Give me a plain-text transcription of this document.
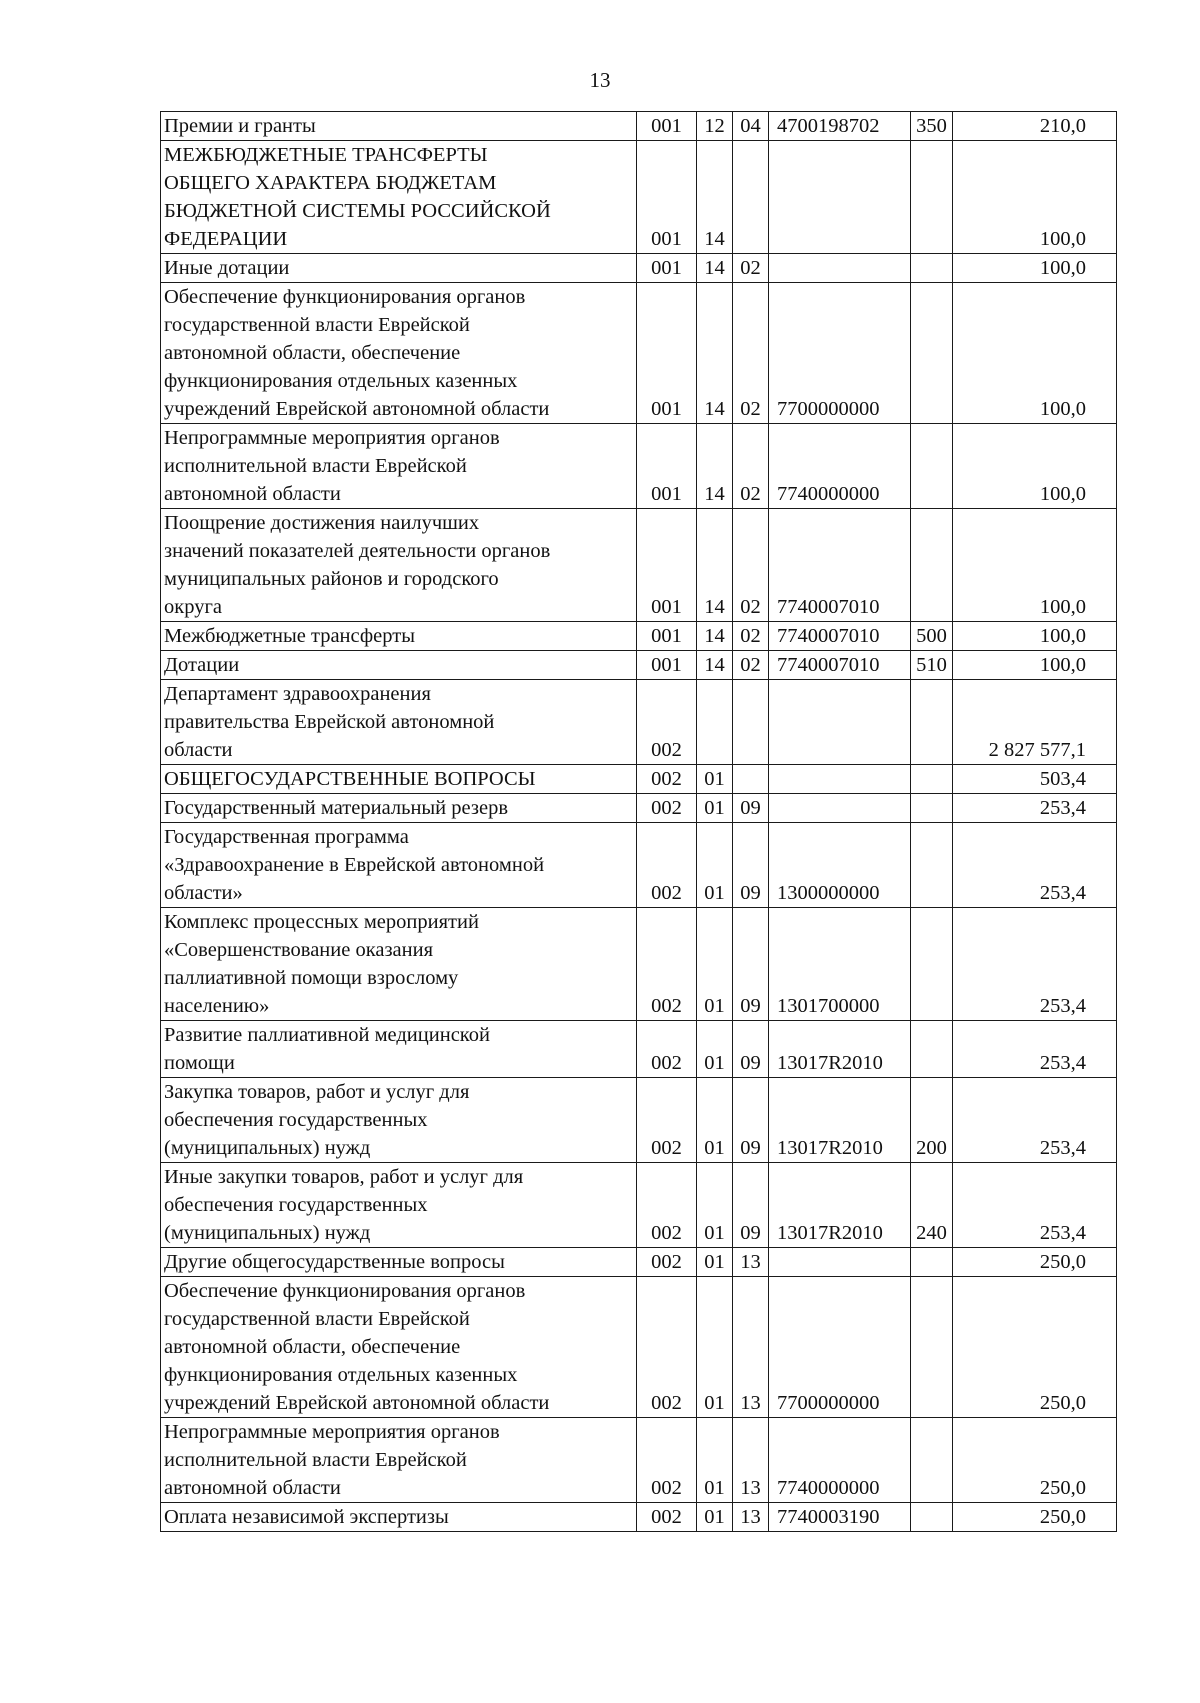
13
Премии и гранты	001	12	04	4700198702	350	210,0
МЕЖБЮДЖЕТНЫЕ ТРАНСФЕРТЫ
ОБЩЕГО ХАРАКТЕРА БЮДЖЕТАМ
БЮДЖЕТНОЙ СИСТЕМЫ РОССИЙСКОЙ
ФЕДЕРАЦИИ	001	14				100,0
Иные дотации	001	14	02			100,0
Обеспечение функционирования органов
государственной власти Еврейской
автономной области, обеспечение
функционирования отдельных казенных
учреждений Еврейской автономной области	001	14	02	7700000000		100,0
Непрограммные мероприятия органов
исполнительной власти Еврейской
автономной области	001	14	02	7740000000		100,0
Поощрение достижения наилучших
значений показателей деятельности органов
муниципальных районов и городского
округа	001	14	02	7740007010		100,0
Межбюджетные трансферты	001	14	02	7740007010	500	100,0
Дотации	001	14	02	7740007010	510	100,0
Департамент здравоохранения
правительства Еврейской автономной
области	002					2 827 577,1
ОБЩЕГОСУДАРСТВЕННЫЕ ВОПРОСЫ	002	01				503,4
Государственный материальный резерв	002	01	09			253,4
Государственная программа
«Здравоохранение в Еврейской автономной
области»	002	01	09	1300000000		253,4
Комплекс процессных мероприятий
«Совершенствование оказания
паллиативной помощи взрослому
населению»	002	01	09	1301700000		253,4
Развитие паллиативной медицинской
помощи	002	01	09	13017R2010		253,4
Закупка товаров, работ и услуг для
обеспечения государственных
(муниципальных) нужд	002	01	09	13017R2010	200	253,4
Иные закупки товаров, работ и услуг для
обеспечения государственных
(муниципальных) нужд	002	01	09	13017R2010	240	253,4
Другие общегосударственные вопросы	002	01	13			250,0
Обеспечение функционирования органов
государственной власти Еврейской
автономной области, обеспечение
функционирования отдельных казенных
учреждений Еврейской автономной области	002	01	13	7700000000		250,0
Непрограммные мероприятия органов
исполнительной власти Еврейской
автономной области	002	01	13	7740000000		250,0
Оплата независимой экспертизы	002	01	13	7740003190		250,0
